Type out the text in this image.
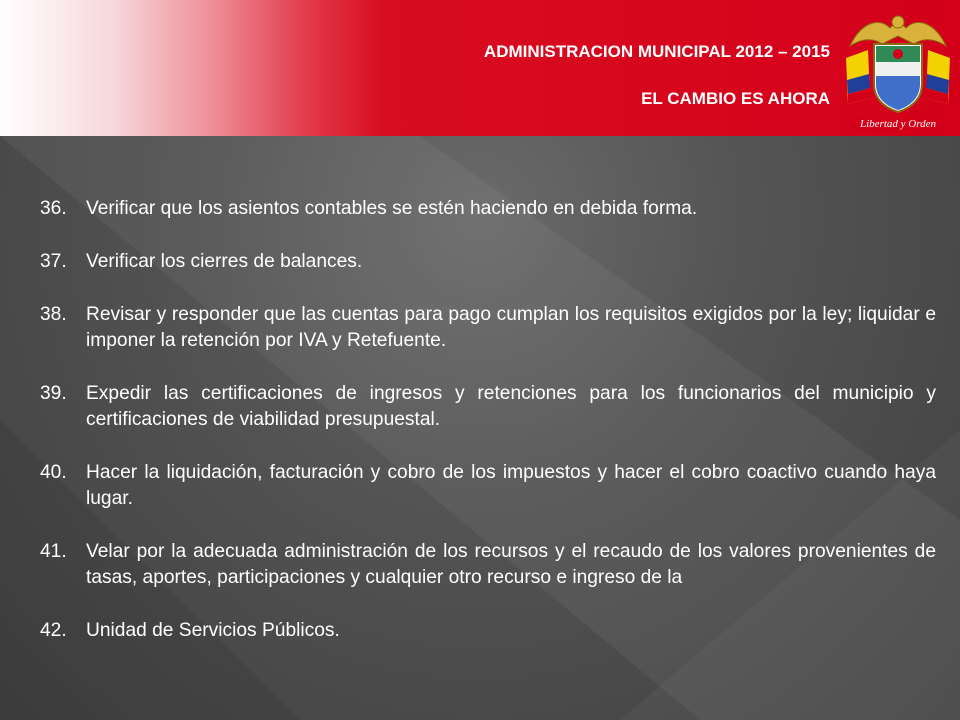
ADMINISTRACION MUNICIPAL 2012 – 2015
EL CAMBIO ES AHORA
Libertad y Orden
36.	Verificar que los asientos contables se estén haciendo en debida forma.
37.	Verificar los cierres de balances.
38.	Revisar y responder que las cuentas para pago cumplan los requisitos exigidos por la ley; liquidar e imponer la retención por IVA y Retefuente.
39.	Expedir las certificaciones de ingresos y retenciones para los funcionarios del municipio y certificaciones de viabilidad presupuestal.
40.	Hacer la liquidación, facturación y cobro de los impuestos y hacer el cobro coactivo cuando haya lugar.
41.	Velar por la adecuada administración de los recursos y el recaudo de los valores provenientes de tasas, aportes, participaciones y cualquier otro recurso e ingreso de la
42.	Unidad de Servicios Públicos.
